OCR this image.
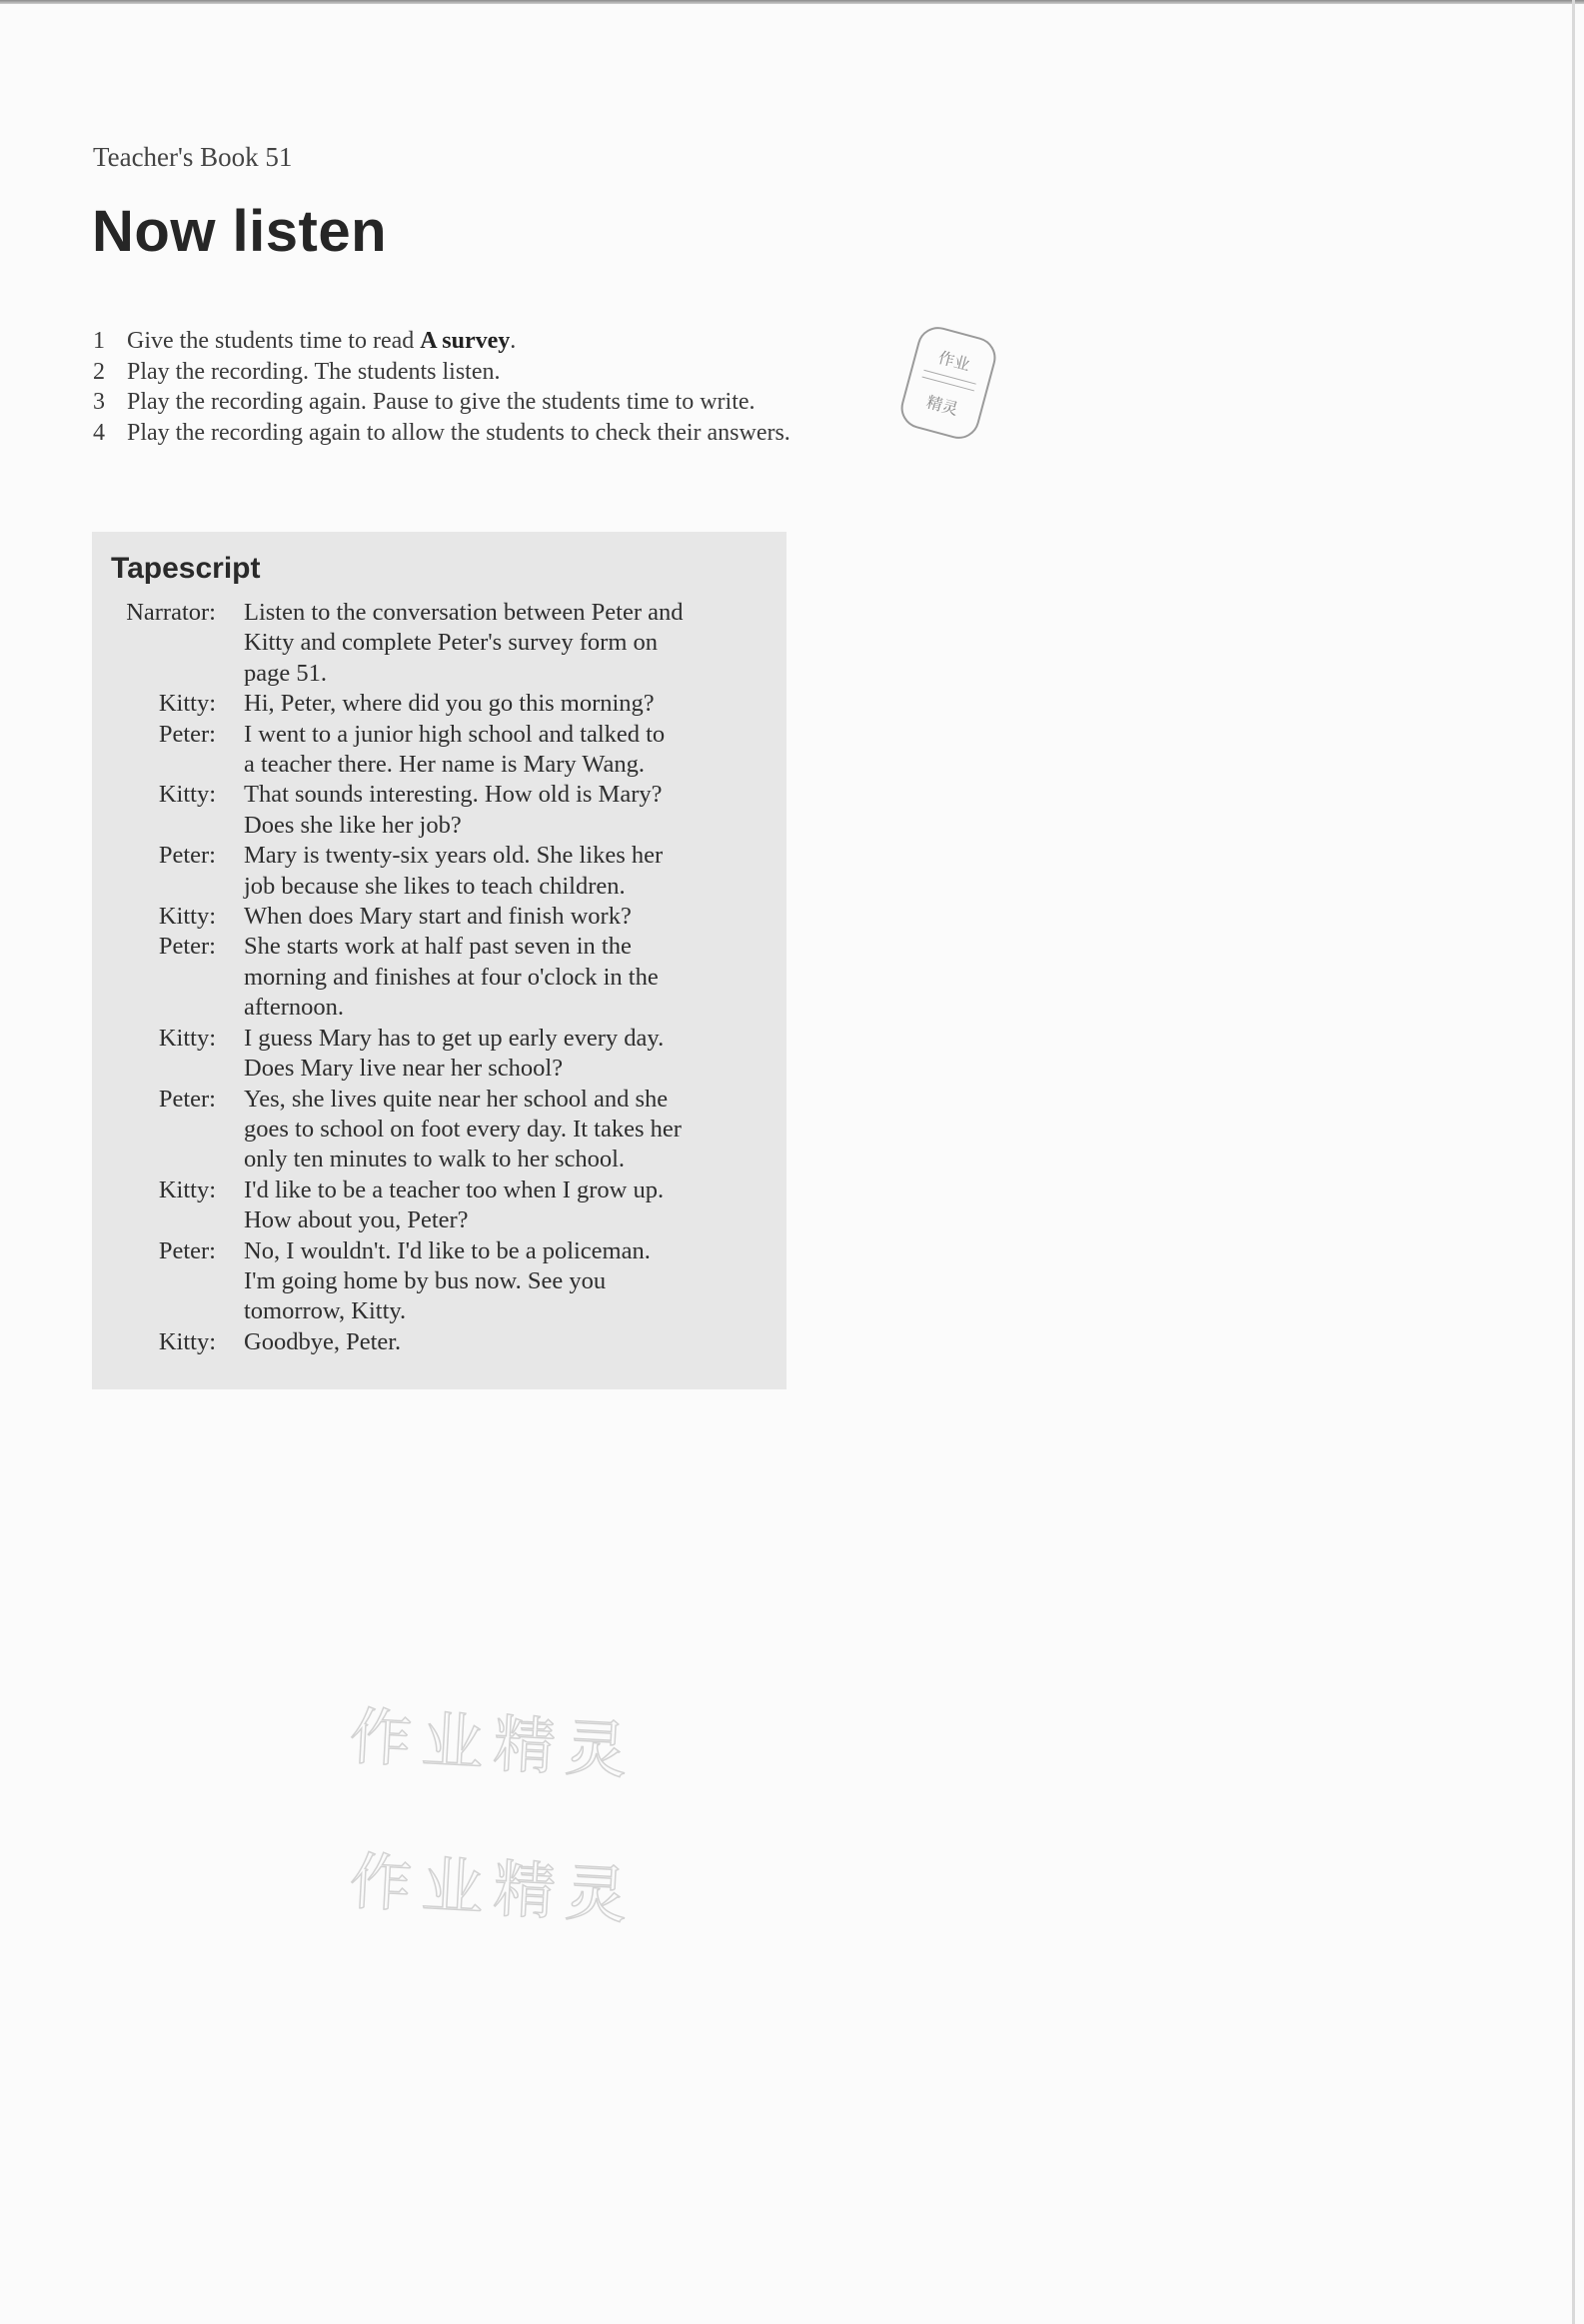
Teacher's Book 51
Now listen
1 Give the students time to read A survey.
2 Play the recording. The students listen.
3 Play the recording again. Pause to give the students time to write.
4 Play the recording again to allow the students to check their answers.
Tapescript
Narrator:	Listen to the conversation between Peter and
Kitty and complete Peter's survey form on
page 51.
Kitty:	Hi, Peter, where did you go this morning?
Peter:	I went to a junior high school and talked to
a teacher there. Her name is Mary Wang.
Kitty:	That sounds interesting. How old is Mary?
Does she like her job?
Peter:	Mary is twenty-six years old. She likes her
job because she likes to teach children.
Kitty:	When does Mary start and finish work?
Peter:	She starts work at half past seven in the
morning and finishes at four o'clock in the
afternoon.
Kitty:	I guess Mary has to get up early every day.
Does Mary live near her school?
Peter:	Yes, she lives quite near her school and she
goes to school on foot every day. It takes her
only ten minutes to walk to her school.
Kitty:	I'd like to be a teacher too when I grow up.
How about you, Peter?
Peter:	No, I wouldn't. I'd like to be a policeman.
I'm going home by bus now. See you
tomorrow, Kitty.
Kitty:	Goodbye, Peter.
作业
精灵
作业精灵
作业精灵
